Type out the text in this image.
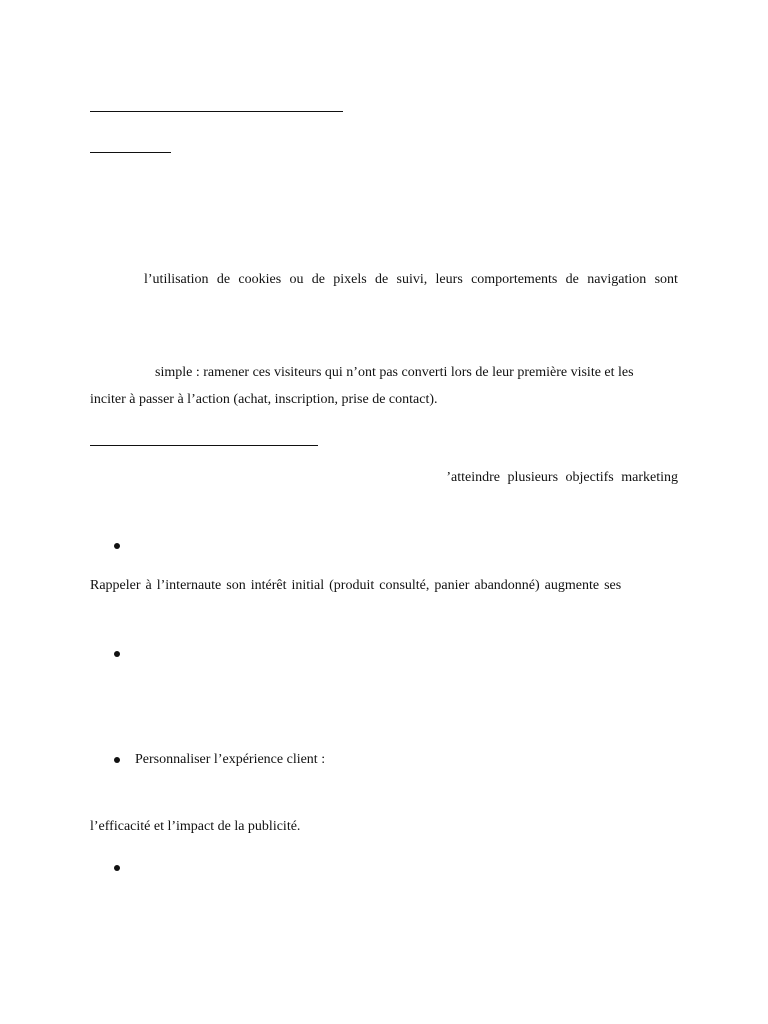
l’utilisation de cookies ou de pixels de suivi, leurs comportements de navigation sont
simple : ramener ces visiteurs qui n’ont pas converti lors de leur première visite et les
inciter à passer à l’action (achat, inscription, prise de contact).
’atteindre plusieurs objectifs marketing
Rappeler à l’internaute son intérêt initial (produit consulté, panier abandonné) augmente ses
Personnaliser l’expérience client :
l’efficacité et l’impact de la publicité.
